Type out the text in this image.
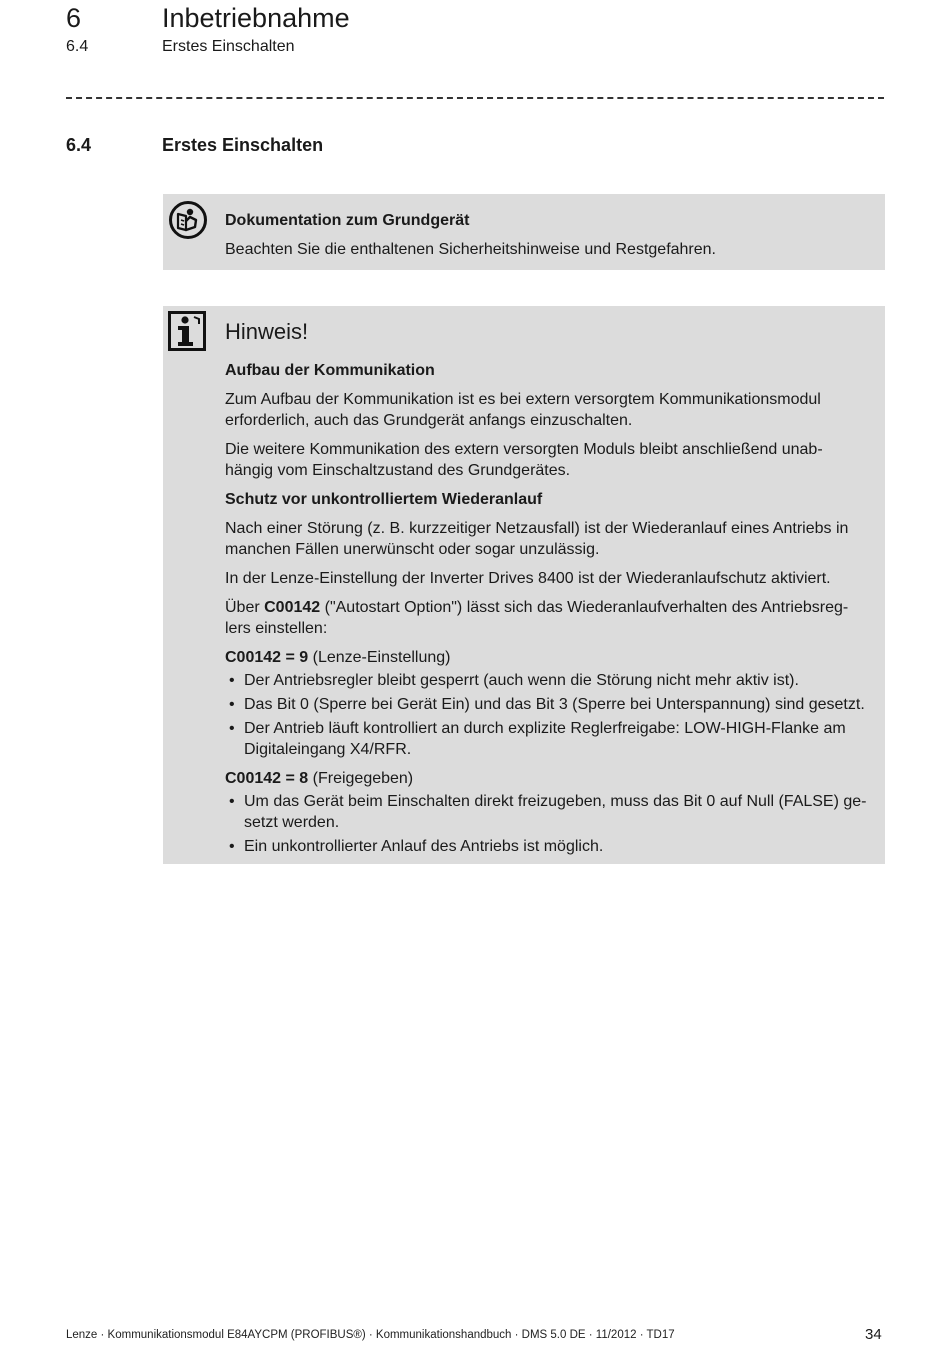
6	Inbetriebnahme
6.4	Erstes Einschalten
6.4	Erstes Einschalten

Dokumentation zum Grundgerät

Beachten Sie die enthaltenen Sicherheitshinweise und Restgefahren.

Hinweis!

Aufbau der Kommunikation

Zum Aufbau der Kommunikation ist es bei extern versorgtem Kommunikationsmodul erforderlich, auch das Grundgerät anfangs einzuschalten.

Die weitere Kommunikation des extern versorgten Moduls bleibt anschließend unab-hängig vom Einschaltzustand des Grundgerätes.

Schutz vor unkontrolliertem Wiederanlauf

Nach einer Störung (z. B. kurzzeitiger Netzausfall) ist der Wiederanlauf eines Antriebs in manchen Fällen unerwünscht oder sogar unzulässig.

In der Lenze-Einstellung der Inverter Drives 8400 ist der Wiederanlaufschutz aktiviert.

Über C00142 ("Autostart Option") lässt sich das Wiederanlaufverhalten des Antriebsreg-lers einstellen:

C00142 = 9 (Lenze-Einstellung)

• Der Antriebsregler bleibt gesperrt (auch wenn die Störung nicht mehr aktiv ist).
• Das Bit 0 (Sperre bei Gerät Ein) und das Bit 3 (Sperre bei Unterspannung) sind gesetzt.
• Der Antrieb läuft kontrolliert an durch explizite Reglerfreigabe: LOW-HIGH-Flanke am Digitaleingang X4/RFR.

C00142 = 8 (Freigegeben)

• Um das Gerät beim Einschalten direkt freizugeben, muss das Bit 0 auf Null (FALSE) ge-setzt werden.
• Ein unkontrollierter Anlauf des Antriebs ist möglich.
Lenze · Kommunikationsmodul E84AYCPM (PROFIBUS®) · Kommunikationshandbuch · DMS 5.0 DE · 11/2012 · TD17	34
